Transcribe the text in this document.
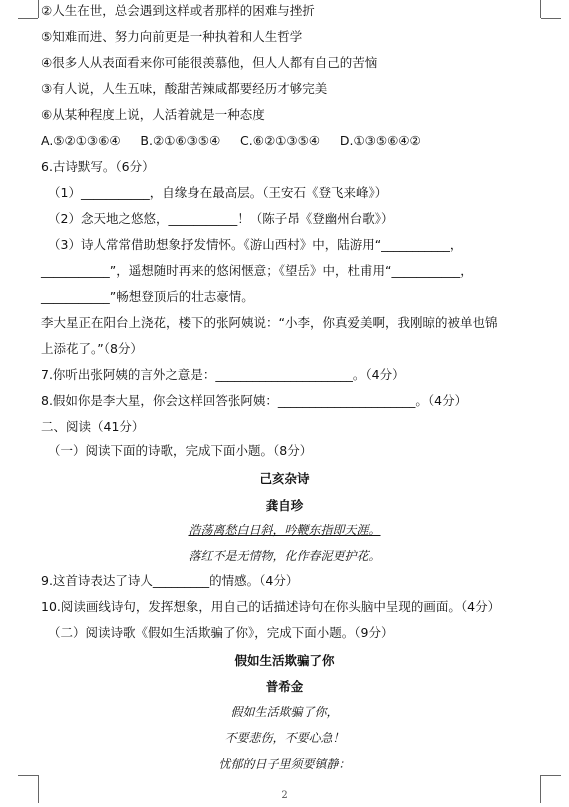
②人生在世，总会遇到这样或者那样的困难与挫折
⑤知难而进、努力向前更是一种执着和人生哲学
④很多人从表面看来你可能很羡慕他，但人人都有自己的苦恼
③有人说，人生五味，酸甜苦辣咸都要经历才够完美
⑥从某种程度上说，人活着就是一种态度
A.⑤②①③⑥④     B.②①⑥③⑤④     C.⑥②①③⑤④     D.①③⑤⑥④②
6.古诗默写。（6分）
（1）___________，自缘身在最高层。（王安石《登飞来峰》）
（2）念天地之悠悠，___________！（陈子昂《登幽州台歌》）
（3）诗人常常借助想象抒发情怀。《游山西村》中，陆游用“___________，
___________”，遥想随时再来的悠闲惬意；《望岳》中，杜甫用“___________，
___________”畅想登顶后的壮志豪情。
李大星正在阳台上浇花，楼下的张阿姨说：“小李，你真爱美啊，我刚晾的被单也锦
上添花了。”（8分）
7.你听出张阿姨的言外之意是：______________________。（4分）
8.假如你是李大星，你会这样回答张阿姨：______________________。（4分）
二、阅读（41分）
（一）阅读下面的诗歌，完成下面小题。（8分）
己亥杂诗
龚自珍
浩荡离愁白日斜，吟鞭东指即天涯。
落红不是无情物，化作春泥更护花。
9.这首诗表达了诗人_________的情感。（4分）
10.阅读画线诗句，发挥想象，用自己的话描述诗句在你头脑中呈现的画面。（4分）
（二）阅读诗歌《假如生活欺骗了你》，完成下面小题。（9分）
假如生活欺骗了你
普希金
假如生活欺骗了你，
不要悲伤，不要心急！
忧郁的日子里须要镇静：
2
